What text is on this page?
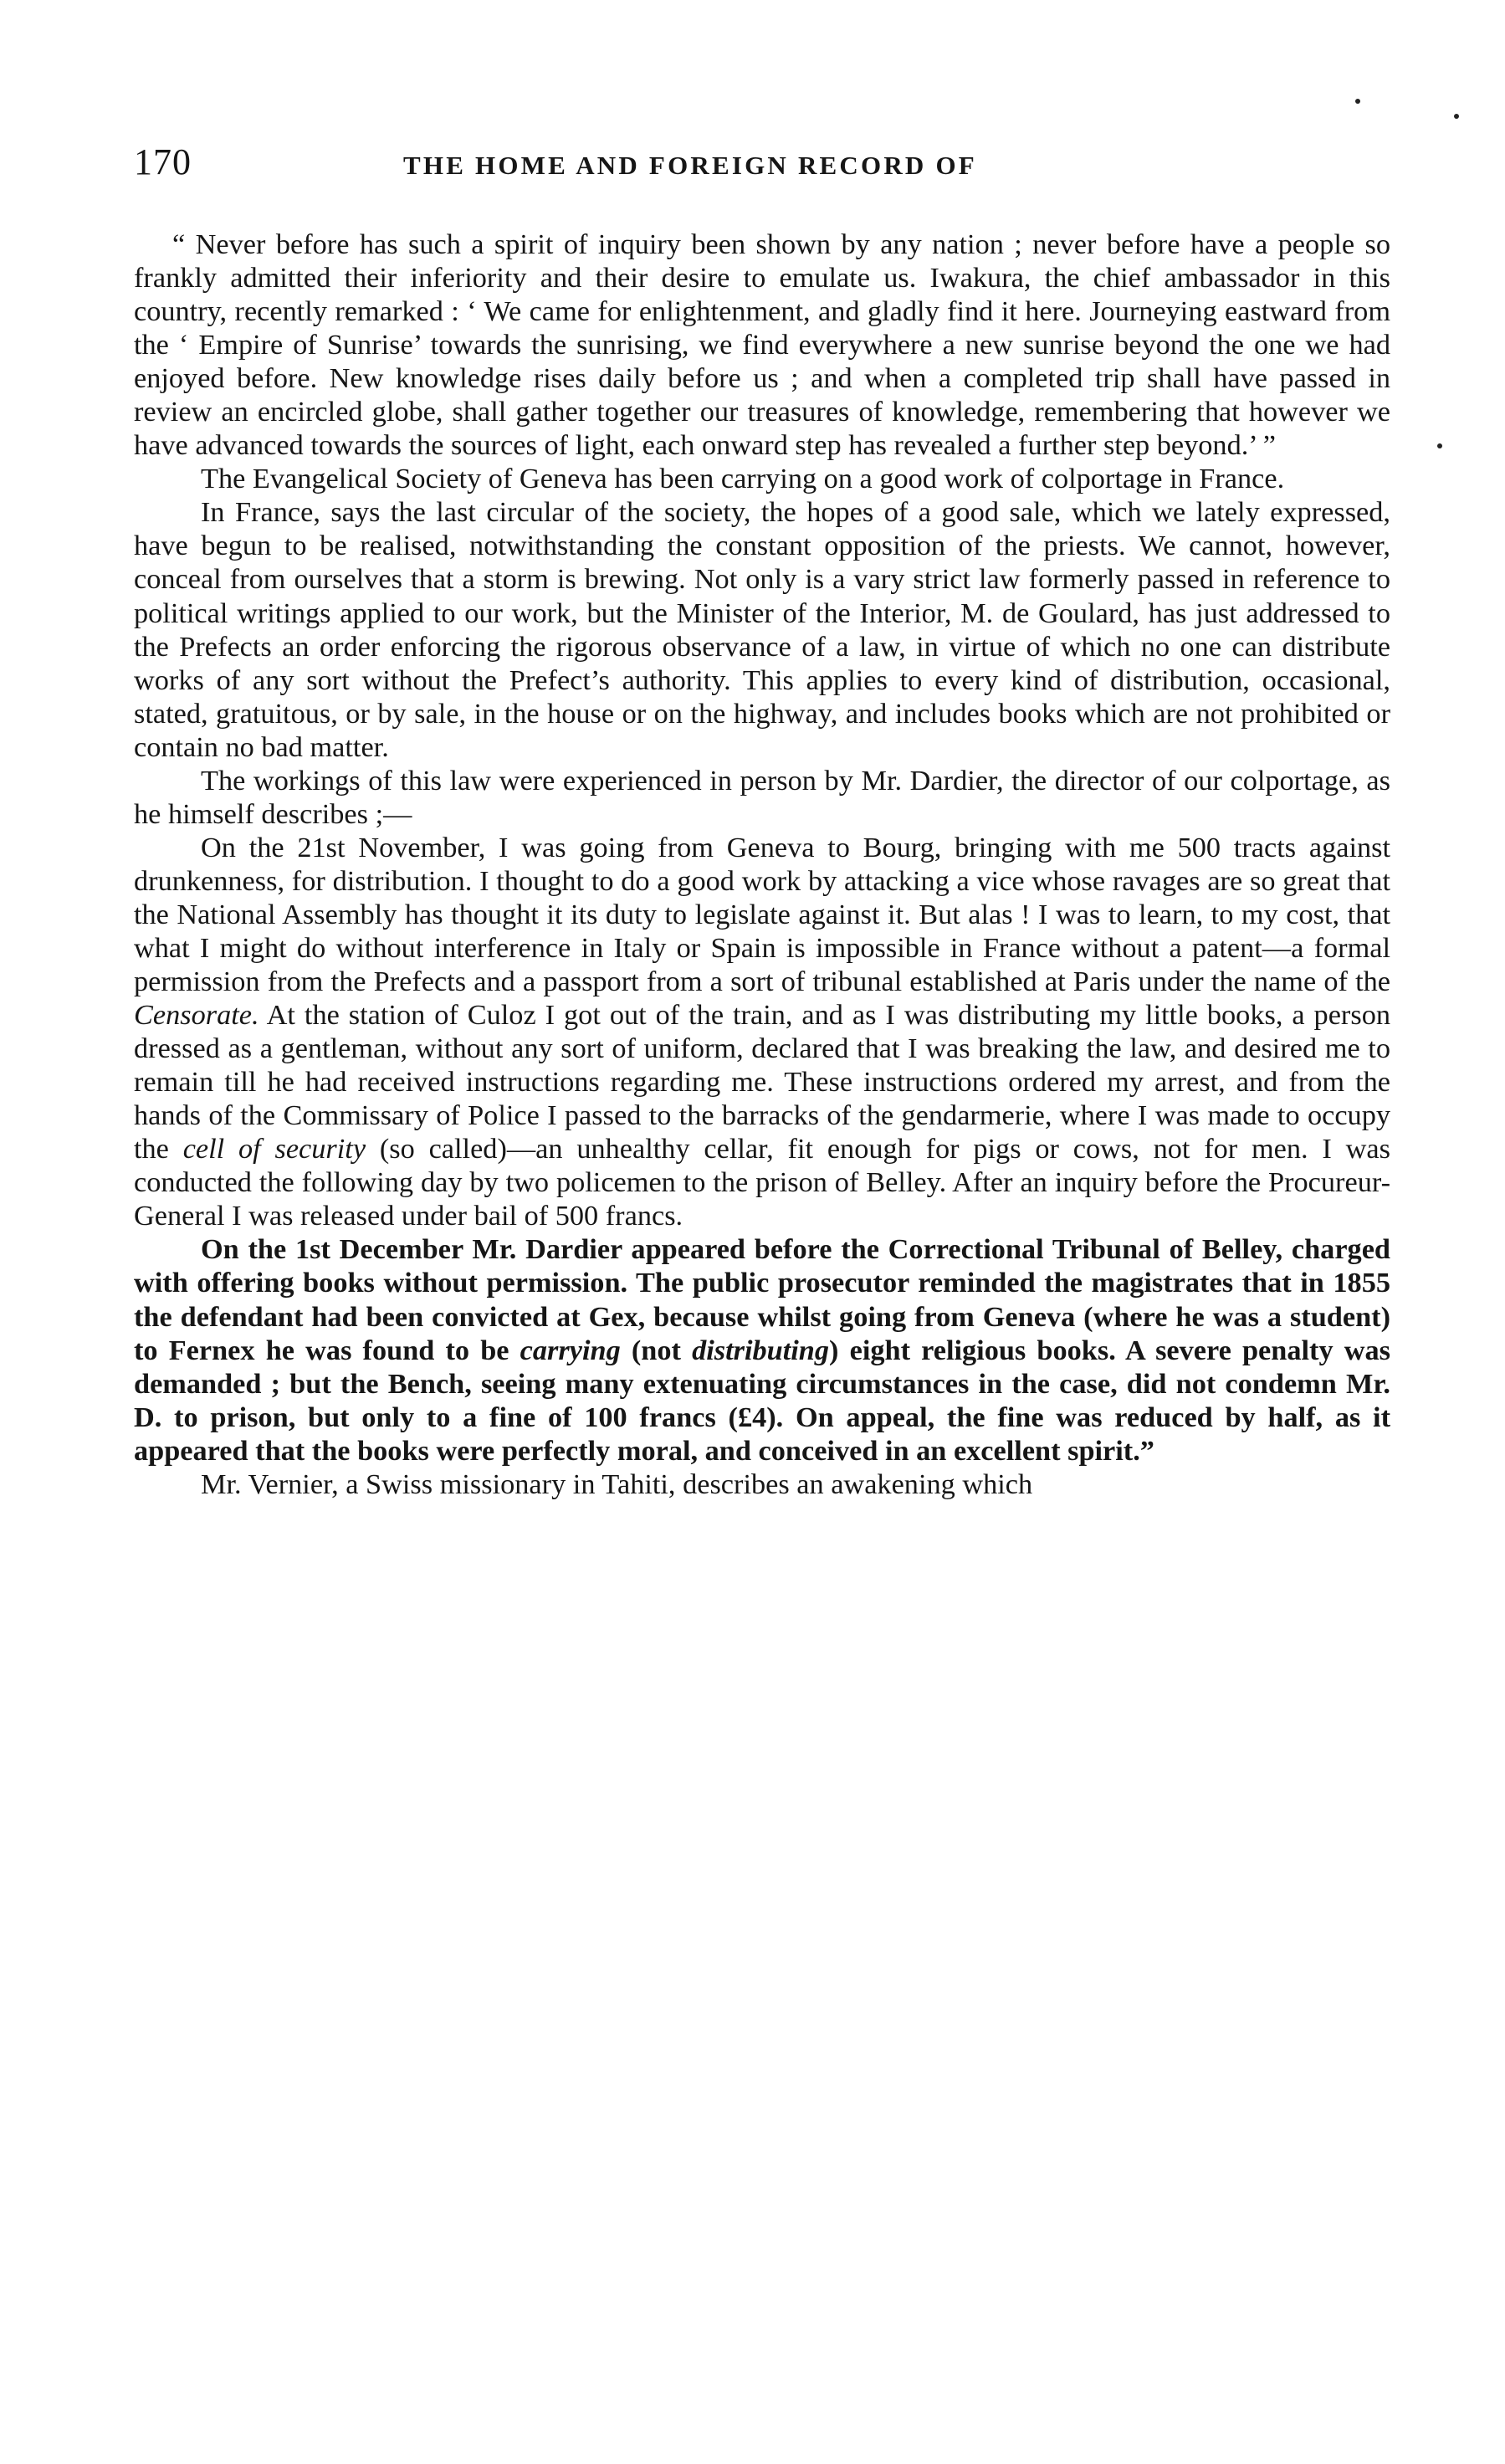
170	THE HOME AND FOREIGN RECORD OF

“ Never before has such a spirit of inquiry been shown by any nation ; never before have a people so frankly admitted their inferiority and their desire to emulate us. Iwakura, the chief ambassador in this country, recently remarked : ‘ We came for enlightenment, and gladly find it here. Journeying eastward from the ‘ Empire of Sunrise’ towards the sunrising, we find everywhere a new sunrise beyond the one we had enjoyed before. New knowledge rises daily before us ; and when a completed trip shall have passed in review an encircled globe, shall gather together our treasures of knowledge, remembering that however we have advanced towards the sources of light, each onward step has revealed a further step beyond.’ ”

The Evangelical Society of Geneva has been carrying on a good work of colportage in France.

In France, says the last circular of the society, the hopes of a good sale, which we lately expressed, have begun to be realised, notwithstanding the constant opposition of the priests. We cannot, however, conceal from ourselves that a storm is brewing. Not only is a vary strict law formerly passed in reference to political writings applied to our work, but the Minister of the Interior, M. de Goulard, has just addressed to the Prefects an order enforcing the rigorous observance of a law, in virtue of which no one can distribute works of any sort without the Prefect’s authority. This applies to every kind of distribution, occasional, stated, gratuitous, or by sale, in the house or on the highway, and includes books which are not prohibited or contain no bad matter.

The workings of this law were experienced in person by Mr. Dardier, the director of our colportage, as he himself describes ;—

On the 21st November, I was going from Geneva to Bourg, bringing with me 500 tracts against drunkenness, for distribution. I thought to do a good work by attacking a vice whose ravages are so great that the National Assembly has thought it its duty to legislate against it. But alas ! I was to learn, to my cost, that what I might do without interference in Italy or Spain is impossible in France without a patent—a formal permission from the Prefects and a passport from a sort of tribunal established at Paris under the name of the Censorate. At the station of Culoz I got out of the train, and as I was distributing my little books, a person dressed as a gentleman, without any sort of uniform, declared that I was breaking the law, and desired me to remain till he had received instructions regarding me. These instructions ordered my arrest, and from the hands of the Commissary of Police I passed to the barracks of the gendarmerie, where I was made to occupy the cell of security (so called)—an unhealthy cellar, fit enough for pigs or cows, not for men. I was conducted the following day by two policemen to the prison of Belley. After an inquiry before the Procureur-General I was released under bail of 500 francs.

On the 1st December Mr. Dardier appeared before the Correctional Tribunal of Belley, charged with offering books without permission. The public prosecutor reminded the magistrates that in 1855 the defendant had been convicted at Gex, because whilst going from Geneva (where he was a student) to Fernex he was found to be carrying (not distributing) eight religious books. A severe penalty was demanded ; but the Bench, seeing many extenuating circumstances in the case, did not condemn Mr. D. to prison, but only to a fine of 100 francs (£4). On appeal, the fine was reduced by half, as it appeared that the books were perfectly moral, and conceived in an excellent spirit.”

Mr. Vernier, a Swiss missionary in Tahiti, describes an awakening which
